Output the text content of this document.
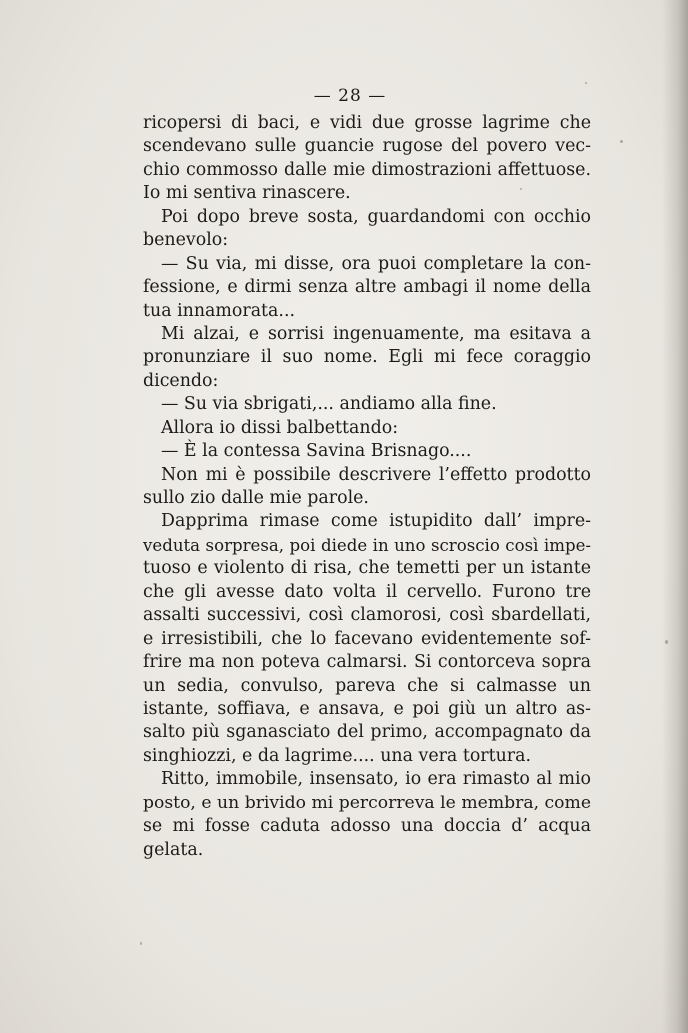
— 28 —
ricopersi di baci, e vidi due grosse lagrime che
scendevano sulle guancie rugose del povero vec-
chio commosso dalle mie dimostrazioni affettuose.
Io mi sentiva rinascere.
Poi dopo breve sosta, guardandomi con occhio
benevolo:
— Su via, mi disse, ora puoi completare la con-
fessione, e dirmi senza altre ambagi il nome della
tua innamorata...
Mi alzai, e sorrisi ingenuamente, ma esitava a
pronunziare il suo nome. Egli mi fece coraggio
dicendo:
— Su via sbrigati,... andiamo alla fine.
Allora io dissi balbettando:
— È la contessa Savina Brisnago....
Non mi è possibile descrivere l’effetto prodotto
sullo zio dalle mie parole.
Dapprima rimase come istupidito dall’ impre-
veduta sorpresa, poi diede in uno scroscio così impe-
tuoso e violento di risa, che temetti per un istante
che gli avesse dato volta il cervello. Furono tre
assalti successivi, così clamorosi, così sbardellati,
e irresistibili, che lo facevano evidentemente sof-
frire ma non poteva calmarsi. Si contorceva sopra
un sedia, convulso, pareva che si calmasse un
istante, soffiava, e ansava, e poi giù un altro as-
salto più sganasciato del primo, accompagnato da
singhiozzi, e da lagrime.... una vera tortura.
Ritto, immobile, insensato, io era rimasto al mio
posto, e un brivido mi percorreva le membra, come
se mi fosse caduta adosso una doccia d’ acqua
gelata.
